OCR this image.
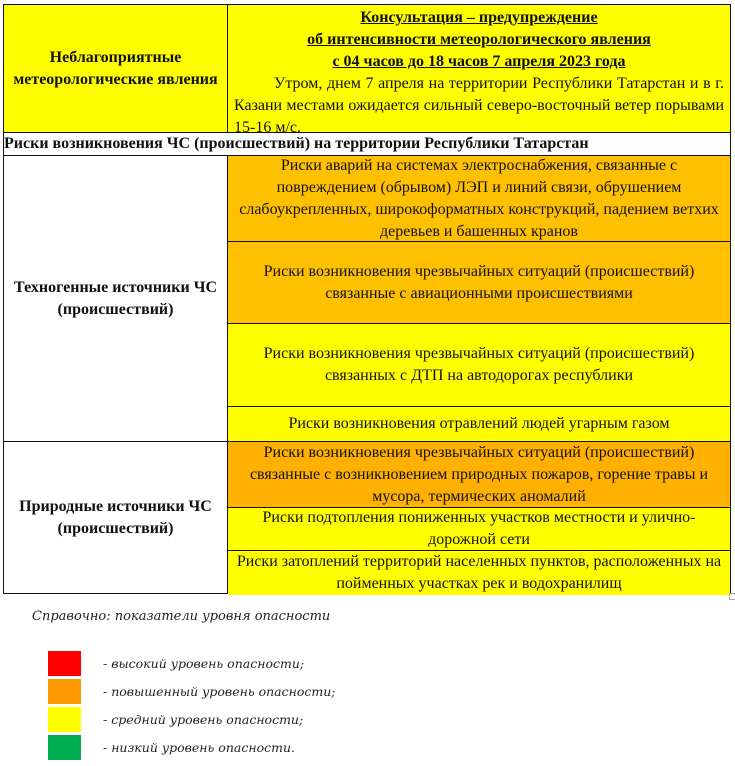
Неблагоприятные метеорологические явления
Консультация – предупреждение
об интенсивности метеорологического явления
с 04 часов до 18 часов 7 апреля 2023 года
Утром, днем 7 апреля на территории Республики Татарстан и в г. Казани местами ожидается сильный северо-восточный ветер порывами 15-16 м/с.
Риски возникновения ЧС (происшествий) на территории Республики Татарстан
Техногенные источники ЧС (происшествий)
Риски аварий на системах электроснабжения, связанные с повреждением (обрывом) ЛЭП и линий связи, обрушением слабоукрепленных, широкоформатных конструкций, падением ветхих деревьев и башенных кранов
Риски возникновения чрезвычайных ситуаций (происшествий) связанные с авиационными происшествиями
Риски возникновения чрезвычайных ситуаций (происшествий) связанных с ДТП на автодорогах республики
Риски возникновения отравлений людей угарным газом
Природные источники ЧС (происшествий)
Риски возникновения чрезвычайных ситуаций (происшествий) связанные с возникновением природных пожаров, горение травы и мусора, термических аномалий
Риски подтопления пониженных участков местности и улично-дорожной сети
Риски затоплений территорий населенных пунктов, расположенных на пойменных участках рек и водохранилищ
Справочно: показатели уровня опасности
- высокий уровень опасности;
- повышенный уровень опасности;
- средний уровень опасности;
- низкий уровень опасности.
